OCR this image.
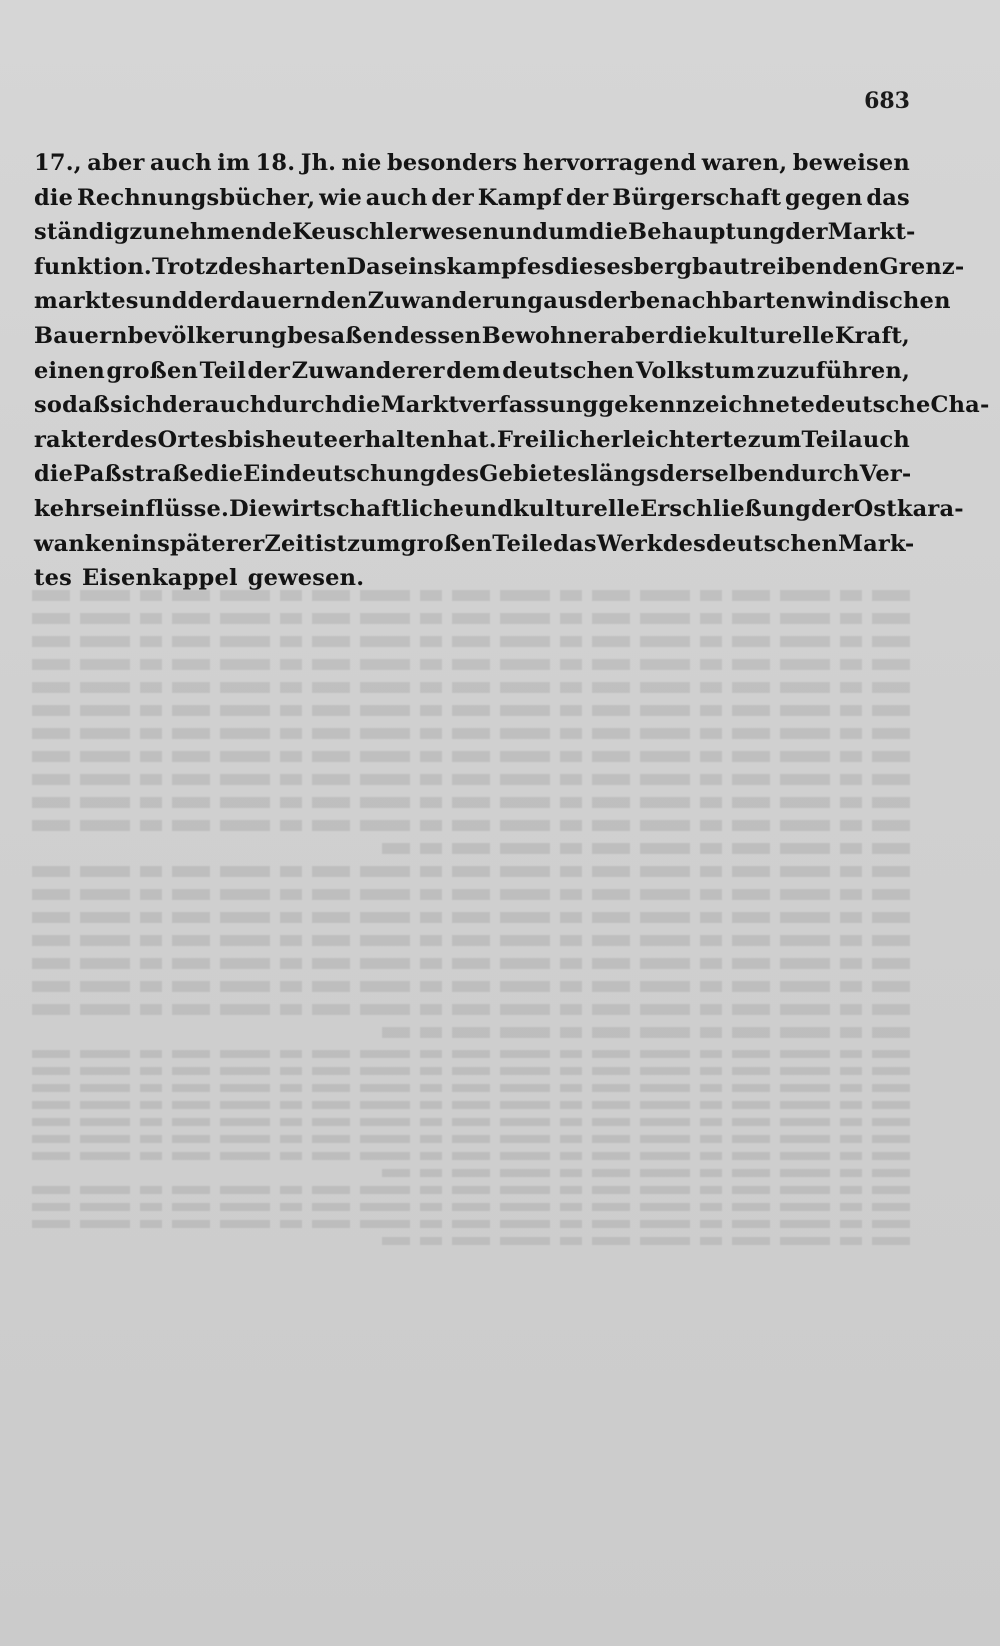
683
17., aber auch im 18. Jh. nie besonders hervorragend waren, beweisen
die Rechnungsbücher, wie auch der Kampf der Bürgerschaft gegen das
ständig zunehmende Keuschlerwesen und um die Behauptung der Markt-
funktion. Trotz des harten Daseinskampfes dieses bergbautreibenden Grenz-
marktes und der dauernden Zuwanderung aus der benachbarten windischen
Bauernbevölkerung besaßen dessen Bewohner aber die kulturelle Kraft,
einen großen Teil der Zuwanderer dem deutschen Volkstum zuzuführen,
so daß sich der auch durch die Marktverfassung gekennzeichnete deutsche Cha-
rakter des Ortes bis heute erhalten hat. Freilich erleichterte zum Teil auch
die Paßstraße die Eindeutschung des Gebietes längs derselben durch Ver-
kehrseinflüsse. Die wirtschaftliche und kulturelle Erschließung der Ostkara-
wanken in späterer Zeit ist zum großen Teile das Werk des deutschen Mark-
tes Eisenkappel gewesen.
